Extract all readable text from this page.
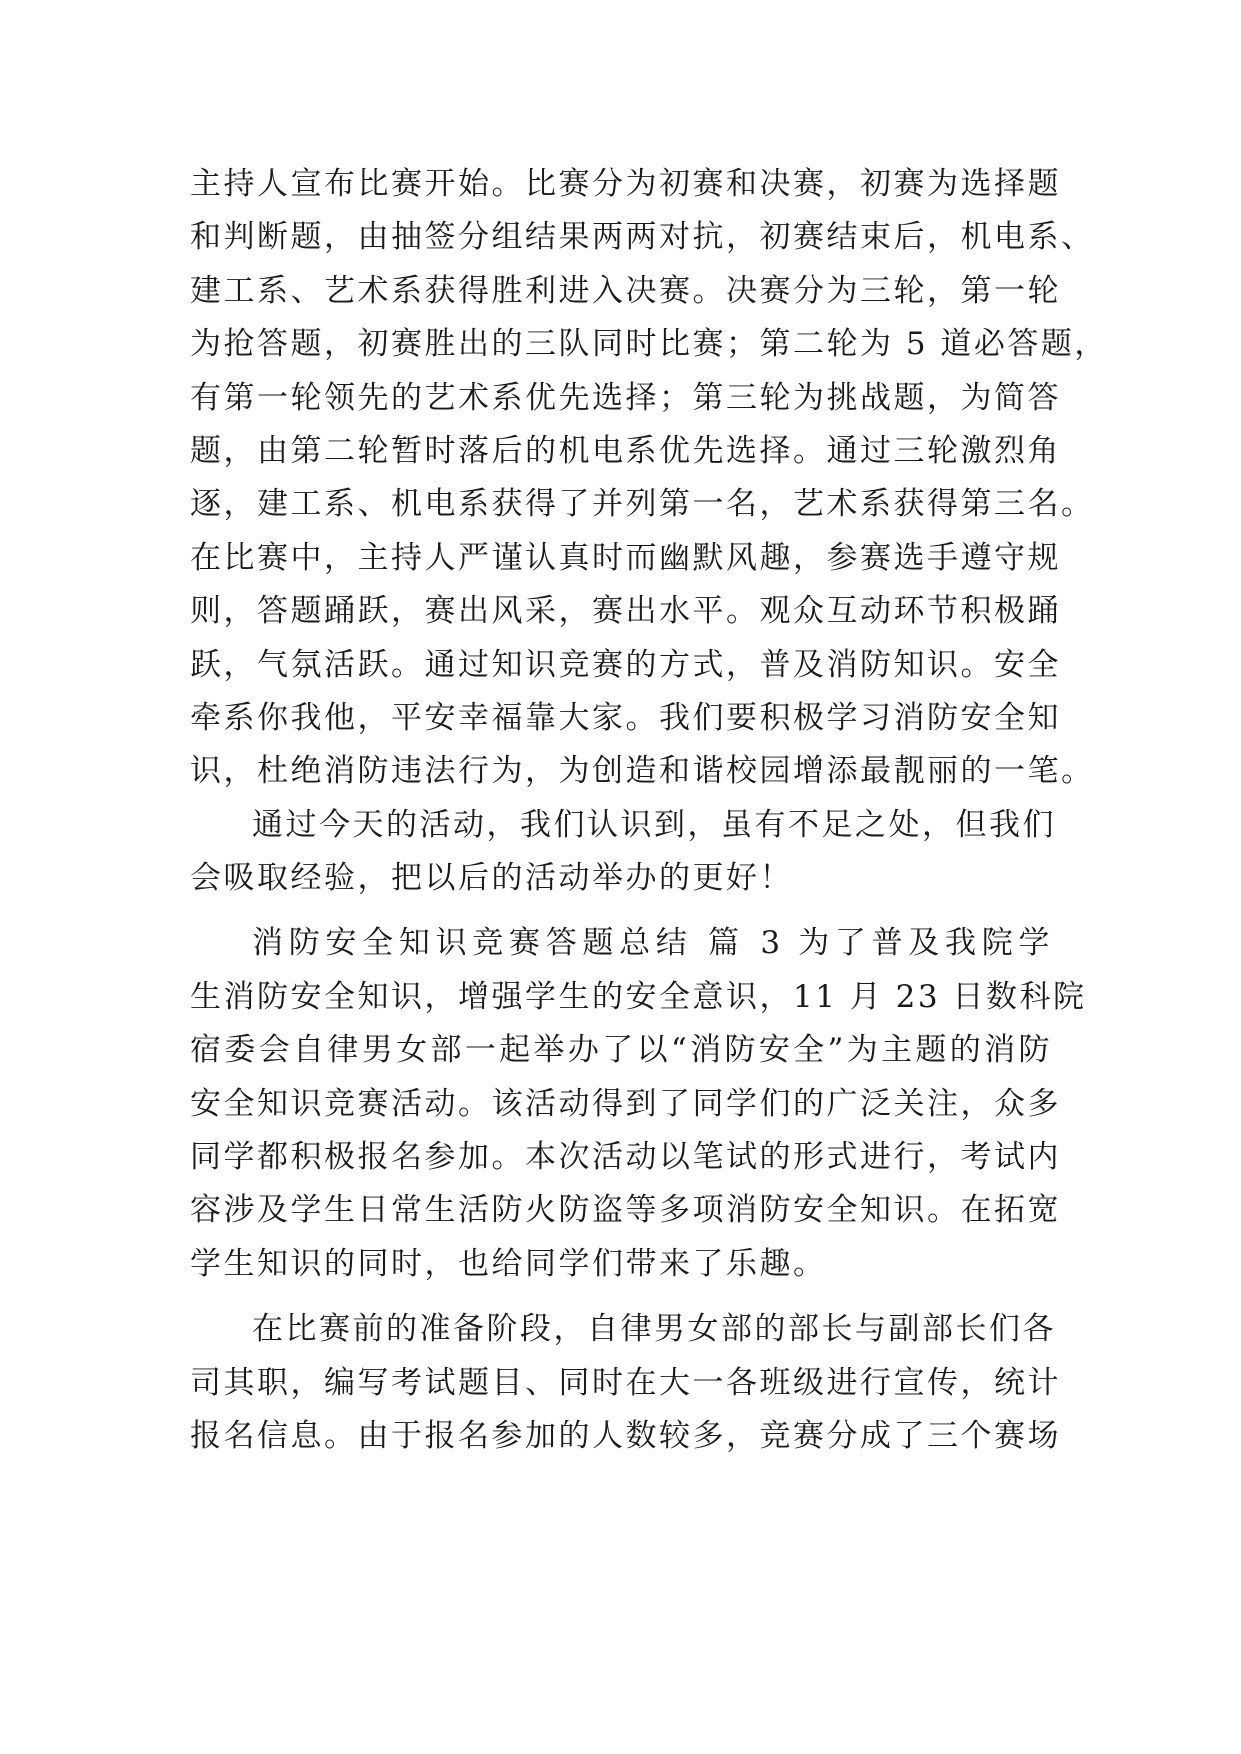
主持人宣布比赛开始。比赛分为初赛和决赛，初赛为选择题
和判断题，由抽签分组结果两两对抗，初赛结束后，机电系、
建工系、艺术系获得胜利进入决赛。决赛分为三轮，第一轮
为抢答题，初赛胜出的三队同时比赛；第二轮为 5 道必答题，
有第一轮领先的艺术系优先选择；第三轮为挑战题，为简答
题，由第二轮暂时落后的机电系优先选择。通过三轮激烈角
逐，建工系、机电系获得了并列第一名，艺术系获得第三名。
在比赛中，主持人严谨认真时而幽默风趣，参赛选手遵守规
则，答题踊跃，赛出风采，赛出水平。观众互动环节积极踊
跃，气氛活跃。通过知识竞赛的方式，普及消防知识。安全
牵系你我他，平安幸福靠大家。我们要积极学习消防安全知
识，杜绝消防违法行为，为创造和谐校园增添最靓丽的一笔。
通过今天的活动，我们认识到，虽有不足之处，但我们
会吸取经验，把以后的活动举办的更好！
消防安全知识竞赛答题总结 篇 3 为了普及我院学
生消防安全知识，增强学生的安全意识，11 月 23 日数科院
宿委会自律男女部一起举办了以“消防安全”为主题的消防
安全知识竞赛活动。该活动得到了同学们的广泛关注，众多
同学都积极报名参加。本次活动以笔试的形式进行，考试内
容涉及学生日常生活防火防盗等多项消防安全知识。在拓宽
学生知识的同时，也给同学们带来了乐趣。
在比赛前的准备阶段，自律男女部的部长与副部长们各
司其职，编写考试题目、同时在大一各班级进行宣传，统计
报名信息。由于报名参加的人数较多，竞赛分成了三个赛场
